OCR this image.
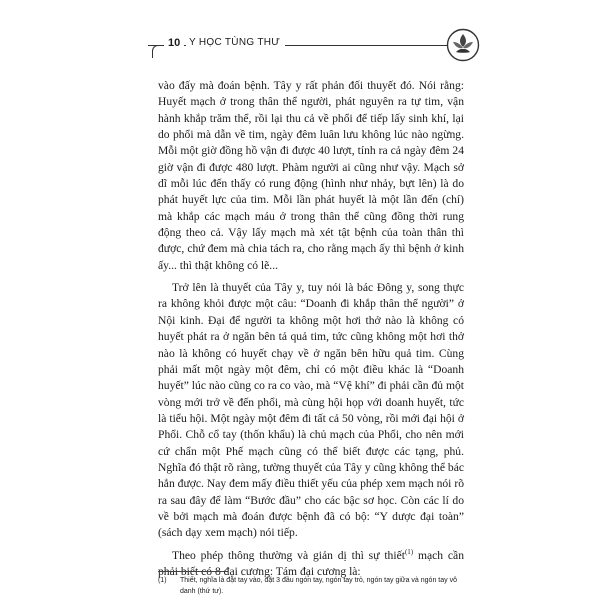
10 Y HỌC TÙNG THƯ

vào đấy mà đoán bệnh. Tây y rất phản đối thuyết đó. Nói rằng: Huyết mạch ở trong thân thể người, phát nguyên ra tự tim, vận hành khắp trăm thể, rồi lại thu cả về phổi để tiếp lấy sinh khí, lại do phổi mà dẫn về tim, ngày đêm luân lưu không lúc nào ngừng. Mỗi một giờ đồng hồ vận đi được 40 lượt, tính ra cả ngày đêm 24 giờ vận đi được 480 lượt. Phàm người ai cũng như vậy. Mạch sở dĩ mỗi lúc đến thấy có rung động (hình như nhảy, bựt lên) là do phát huyết lực của tim. Mỗi lần phát huyết là một lần đến (chí) mà khắp các mạch máu ở trong thân thể cũng đồng thời rung động theo cả. Vậy lấy mạch mà xét tật bệnh của toàn thân thì được, chứ đem mà chia tách ra, cho rằng mạch ấy thì bệnh ở kinh ấy... thì thật không có lẽ...

Trở lên là thuyết của Tây y, tuy nói là bác Đông y, song thực ra không khỏi được một câu: “Doanh đi khắp thân thể người” ở Nội kinh. Đại để người ta không một hơi thở nào là không có huyết phát ra ở ngăn bên tả quả tim, tức cũng không một hơi thở nào là không có huyết chạy về ở ngăn bên hữu quả tim. Cùng phải mất một ngày một đêm, chỉ có một điều khác là “Doanh huyết” lúc nào cũng co ra co vào, mà “Vệ khí” đi phải cần đủ một vòng mới trở về đến phổi, mà cùng hội họp với doanh huyết, tức là tiểu hội. Một ngày một đêm đi tất cả 50 vòng, rồi mới đại hội ở Phổi. Chỗ cổ tay (thốn khẩu) là chủ mạch của Phổi, cho nên mới cứ chẩn một Phế mạch cũng có thể biết được các tạng, phủ. Nghĩa đó thật rõ ràng, tường thuyết của Tây y cũng không thể bác hẳn được. Nay đem mấy điều thiết yếu của phép xem mạch nói rõ ra sau đây để làm “Bước đầu” cho các bậc sơ học. Còn các lí do về bởi mạch mà đoán được bệnh đã có bộ: “Y dược đại toàn” (sách dạy xem mạch) nói tiếp.

Theo phép thông thường và giản dị thì sự thiết$^{(1)}$ mạch cần phải biết có 8 đại cương: Tám đại cương là:

(1)	Thiết, nghĩa là đặt tay vào, đặt 3 đầu ngón tay, ngón tay trỏ, ngón tay giữa và ngón tay vô danh (thứ tư).
